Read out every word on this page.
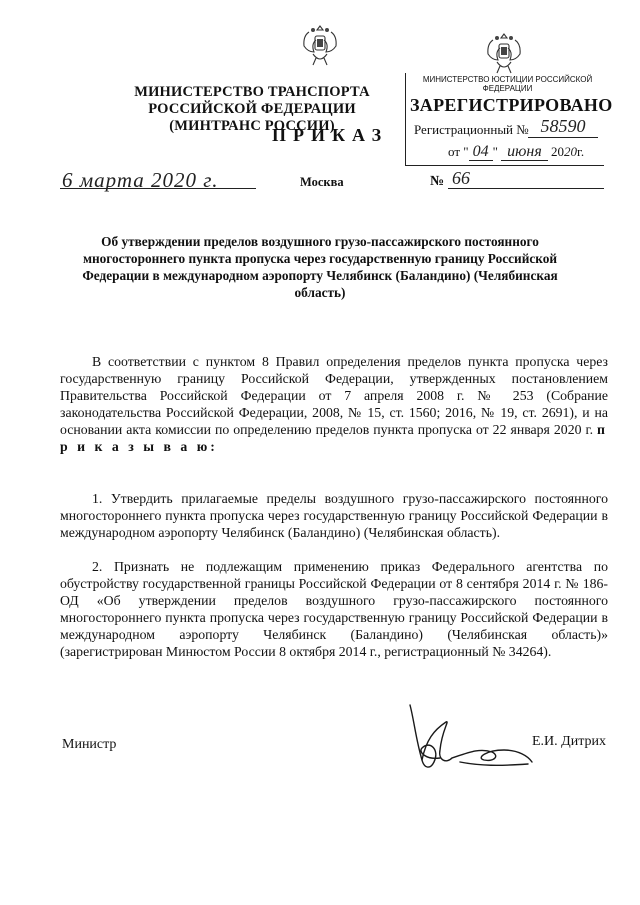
МИНИСТЕРСТВО ТРАНСПОРТА РОССИЙСКОЙ ФЕДЕРАЦИИ
(МИНТРАНС РОССИИ)
ПРИКАЗ
МИНИСТЕРСТВО ЮСТИЦИИ РОССИЙСКОЙ ФЕДЕРАЦИИ
ЗАРЕГИСТРИРОВАНО
Регистрационный № 58590
от " 04 " июня 2020г.
6 марта 2020 г.	Москва	№ 66
Об утверждении пределов воздушного грузо-пассажирского постоянного многостороннего пункта пропуска через государственную границу Российской Федерации в международном аэропорту Челябинск (Баландино) (Челябинская область)
В соответствии с пунктом 8 Правил определения пределов пункта пропуска через государственную границу Российской Федерации, утвержденных постановлением Правительства Российской Федерации от 7 апреля 2008 г. № 253 (Собрание законодательства Российской Федерации, 2008, № 15, ст. 1560; 2016, № 19, ст. 2691), и на основании акта комиссии по определению пределов пункта пропуска от 22 января 2020 г. п р и к а з ы в а ю:
1. Утвердить прилагаемые пределы воздушного грузо-пассажирского постоянного многостороннего пункта пропуска через государственную границу Российской Федерации в международном аэропорту Челябинск (Баландино) (Челябинская область).
2. Признать не подлежащим применению приказ Федерального агентства по обустройству государственной границы Российской Федерации от 8 сентября 2014 г. № 186-ОД «Об утверждении пределов воздушного грузо-пассажирского постоянного многостороннего пункта пропуска через государственную границу Российской Федерации в международном аэропорту Челябинск (Баландино) (Челябинская область)» (зарегистрирован Минюстом России 8 октября 2014 г., регистрационный № 34264).
Министр	Е.И. Дитрих
